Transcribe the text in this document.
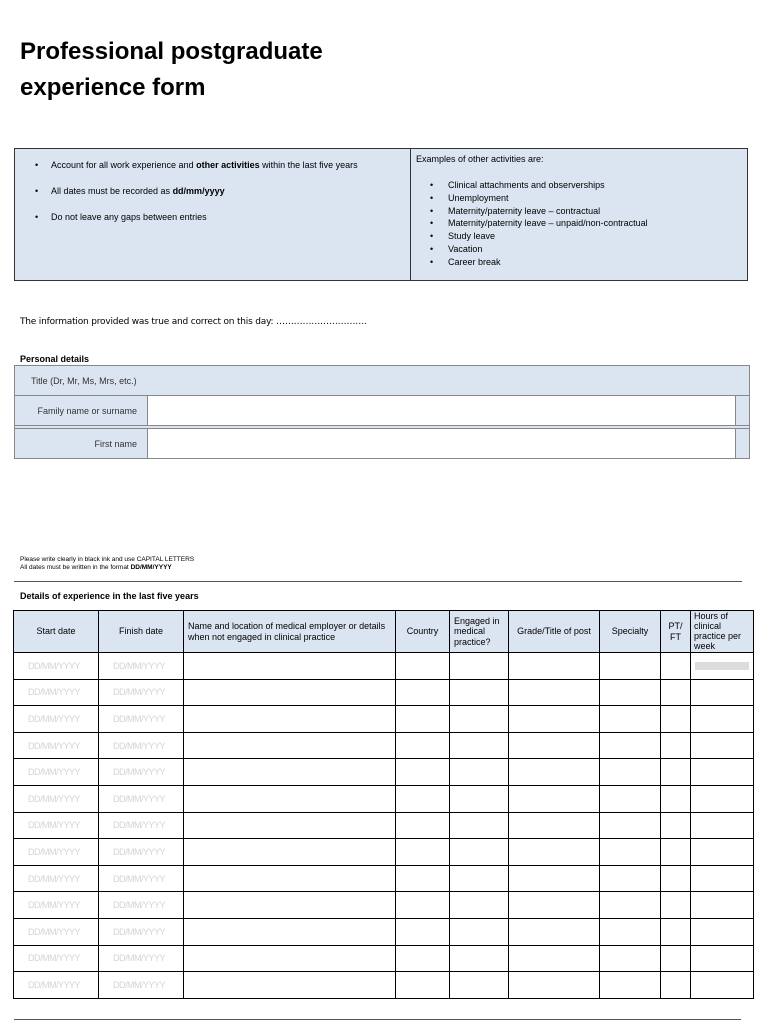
Professional postgraduate
experience form
• Account for all work experience and other activities within the last five years
• All dates must be recorded as dd/mm/yyyy
• Do not leave any gaps between entries

Examples of other activities are:

• Clinical attachments and observerships
• Unemployment
• Maternity/paternity leave – contractual
• Maternity/paternity leave – unpaid/non-contractual
• Study leave
• Vacation
• Career break
The information provided was true and correct on this day: ………………………….
Personal details
Title (Dr, Mr, Ms, Mrs, etc.)		
Family name or surname		

First name		
Please write clearly in black ink and use CAPITAL LETTERS
All dates must be written in the format DD/MM/YYYY
Details of experience in the last five years
Start date	Finish date	Name and location of medical employer or details when not engaged in clinical practice	Country	Engaged in medical practice?	Grade/Title of post	Specialty	PT/ FT	Hours of clinical practice per week
DD/MM/YYYY	DD/MM/YYYY							

DD/MM/YYYY	DD/MM/YYYY							
DD/MM/YYYY	DD/MM/YYYY							
DD/MM/YYYY	DD/MM/YYYY							
DD/MM/YYYY	DD/MM/YYYY							
DD/MM/YYYY	DD/MM/YYYY							
DD/MM/YYYY	DD/MM/YYYY							
DD/MM/YYYY	DD/MM/YYYY							
DD/MM/YYYY	DD/MM/YYYY							
DD/MM/YYYY	DD/MM/YYYY							
DD/MM/YYYY	DD/MM/YYYY							
DD/MM/YYYY	DD/MM/YYYY							
DD/MM/YYYY	DD/MM/YYYY							
